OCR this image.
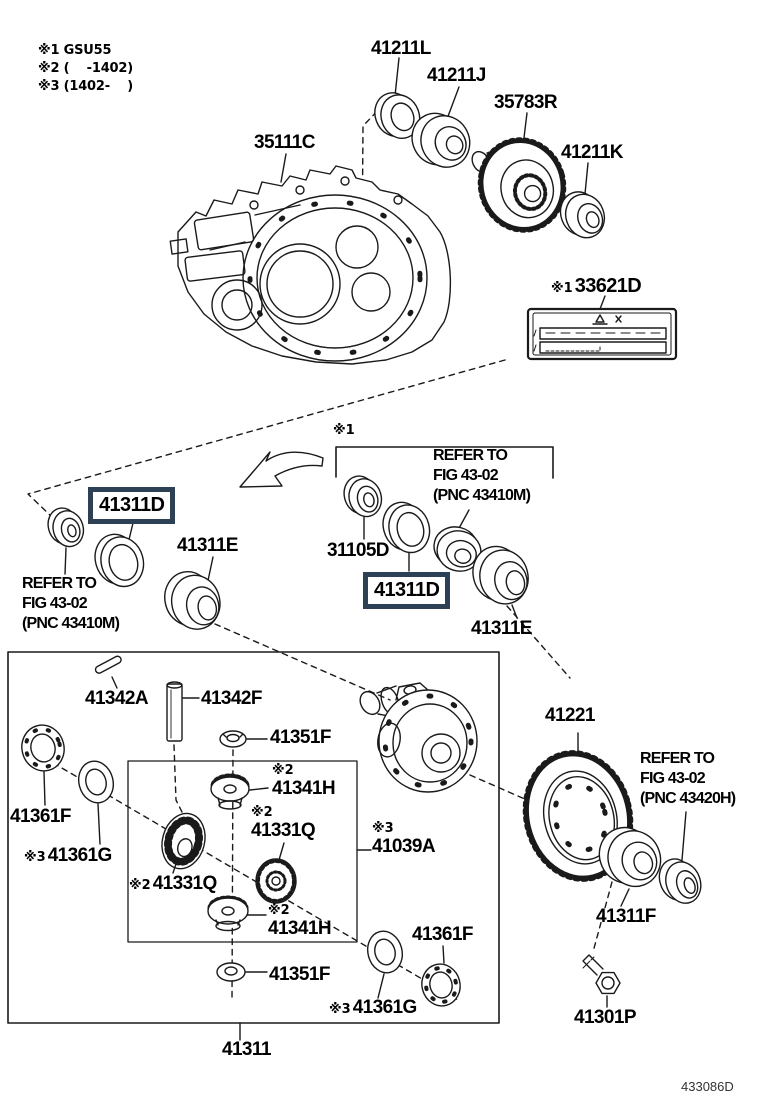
※1 GSU55
※2 (    -1402)
※3 (1402-    )
41211L
41211J
35783R
41211K
35111C
※1 33621D
※1
REFER TO
FIG 43-02
(PNC 43410M)
REFER TO
FIG 43-02
(PNC 43410M)
REFER TO
FIG 43-02
(PNC 43420H)
41311D
41311D
41311E	31105D
41311E
41342A	41342F
41351F
※2
41341H
41361F	※2
41331Q
※3 41361G
※3
41039A
※2 41331Q
※2
41341H
41351F
※3 41361G
41361F
41311
41221
41311F
41301P
433086D
